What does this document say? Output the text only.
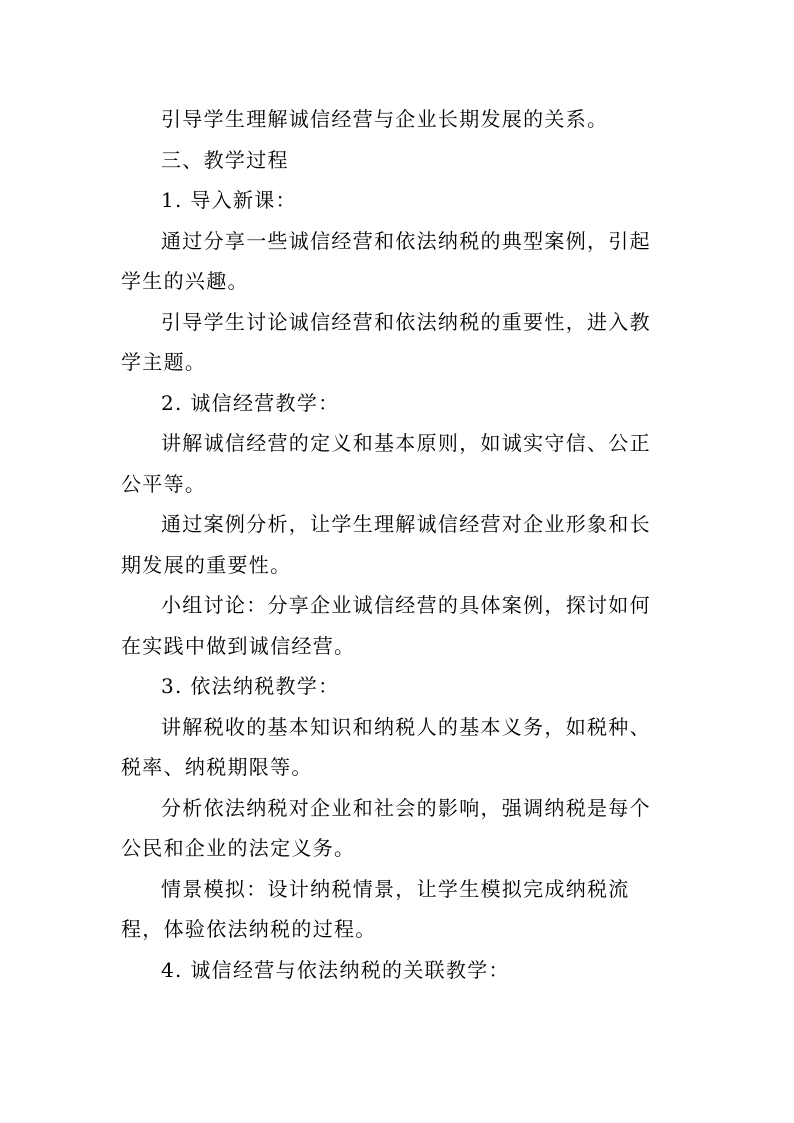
引导学生理解诚信经营与企业长期发展的关系。

三、教学过程

1. 导入新课：

通过分享一些诚信经营和依法纳税的典型案例，引起学生的兴趣。

引导学生讨论诚信经营和依法纳税的重要性，进入教学主题。

2. 诚信经营教学：

讲解诚信经营的定义和基本原则，如诚实守信、公正公平等。

通过案例分析，让学生理解诚信经营对企业形象和长期发展的重要性。

小组讨论：分享企业诚信经营的具体案例，探讨如何在实践中做到诚信经营。

3. 依法纳税教学：

讲解税收的基本知识和纳税人的基本义务，如税种、税率、纳税期限等。

分析依法纳税对企业和社会的影响，强调纳税是每个公民和企业的法定义务。

情景模拟：设计纳税情景，让学生模拟完成纳税流程，体验依法纳税的过程。

4. 诚信经营与依法纳税的关联教学：
